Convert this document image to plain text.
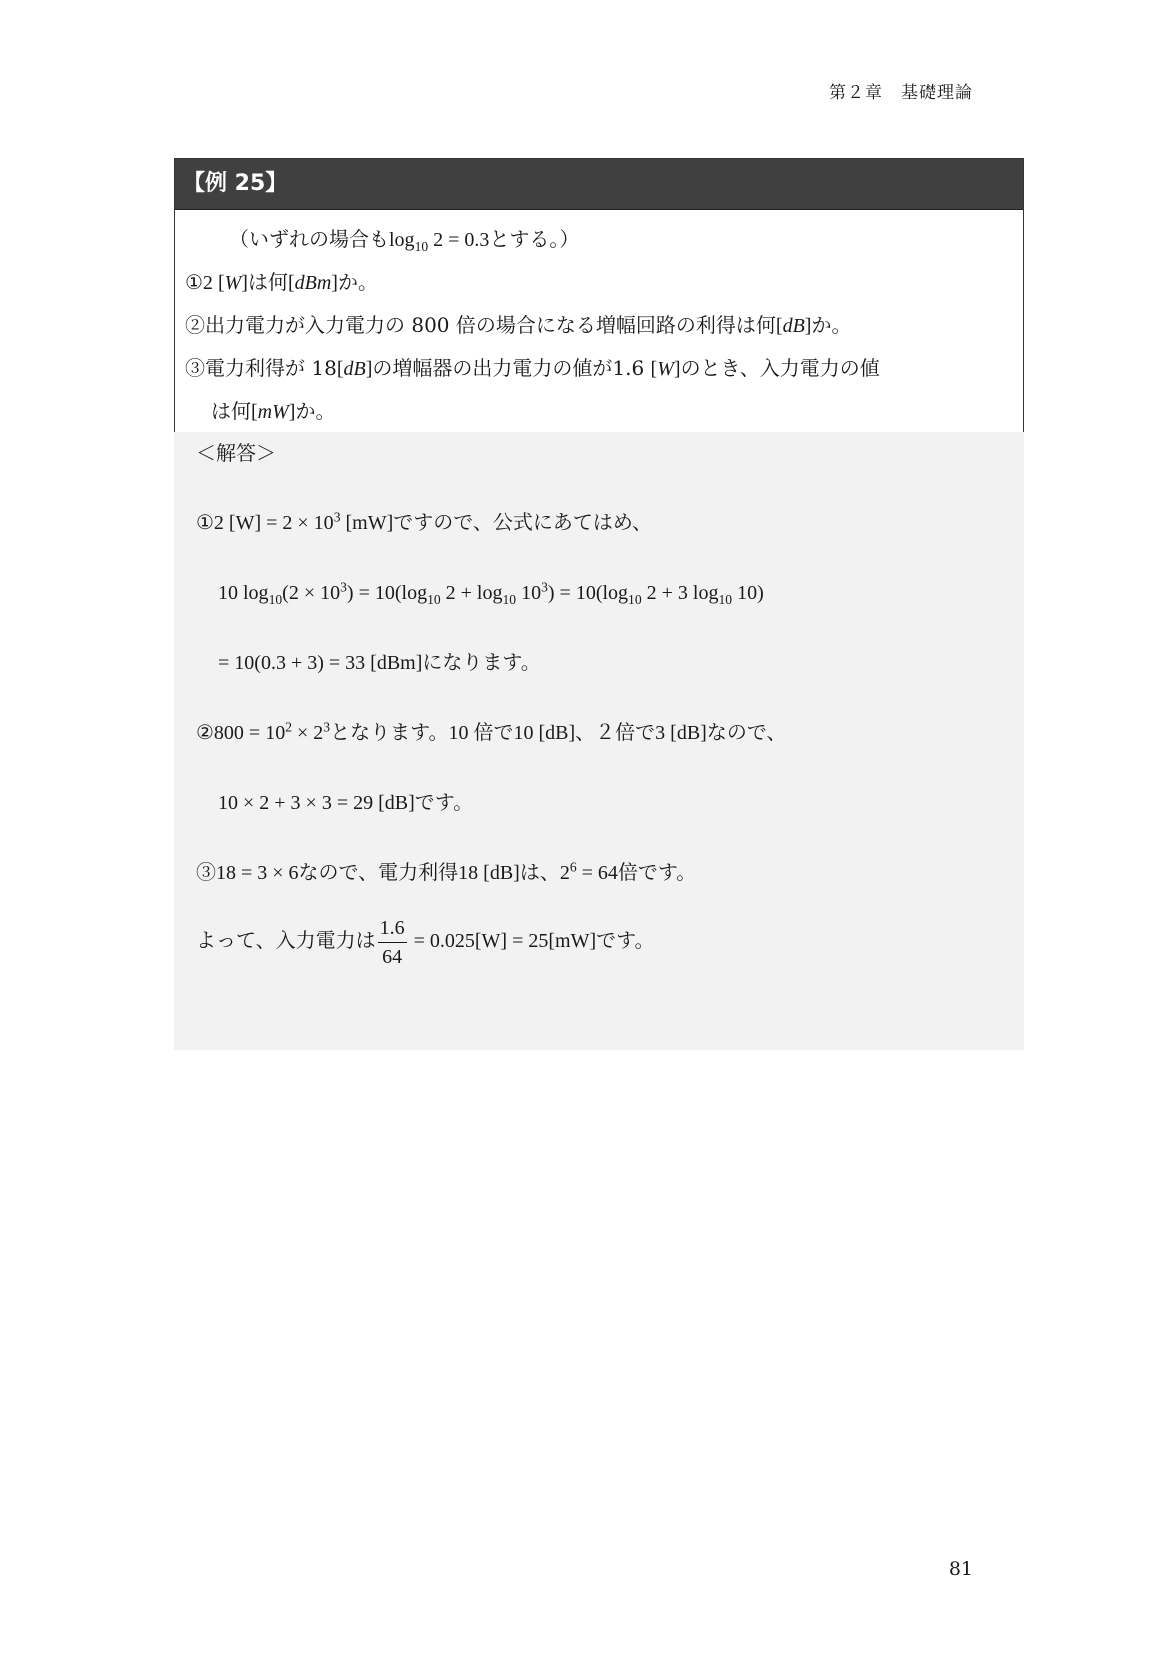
第２章　基礎理論
【例 25】
（いずれの場合も$\log_{10} 2 = 0.3$とする。）
①2 [W]は何[dBm]か。
②出力電力が入力電力の 800 倍の場合になる増幅回路の利得は何[dB]か。
③電力利得が 18[dB]の増幅器の出力電力の値が1.6 [W]のとき、入力電力の値
は何[mW]か。
＜解答＞
①2 $[W] = 2 \times 10^3$ [mW]ですので、公式にあてはめ、
10 $\log_{10}(2 \times 10^3) = 10(\log_{10}$ $2 + \log_{10} 10^3) = 10(\log_{10}$ 2 + 3 $\log_{10} 10$)
= 10(0.3 + 3) = 33 [dBm]になります。
②800 = $10^2 \times 2^3$となります。10 倍で10 [dB]、２倍で3 [dB]なので、
10 × 2 + 3 × 3 = 29 [dB]です。
③18 = 3 × 6なので、電力利得18 [dB]は、$2^6 = 64$倍です。
よって、入力電力は $\frac{1.6}{64} = 0.025[W] = 25[mW]$です。
81
